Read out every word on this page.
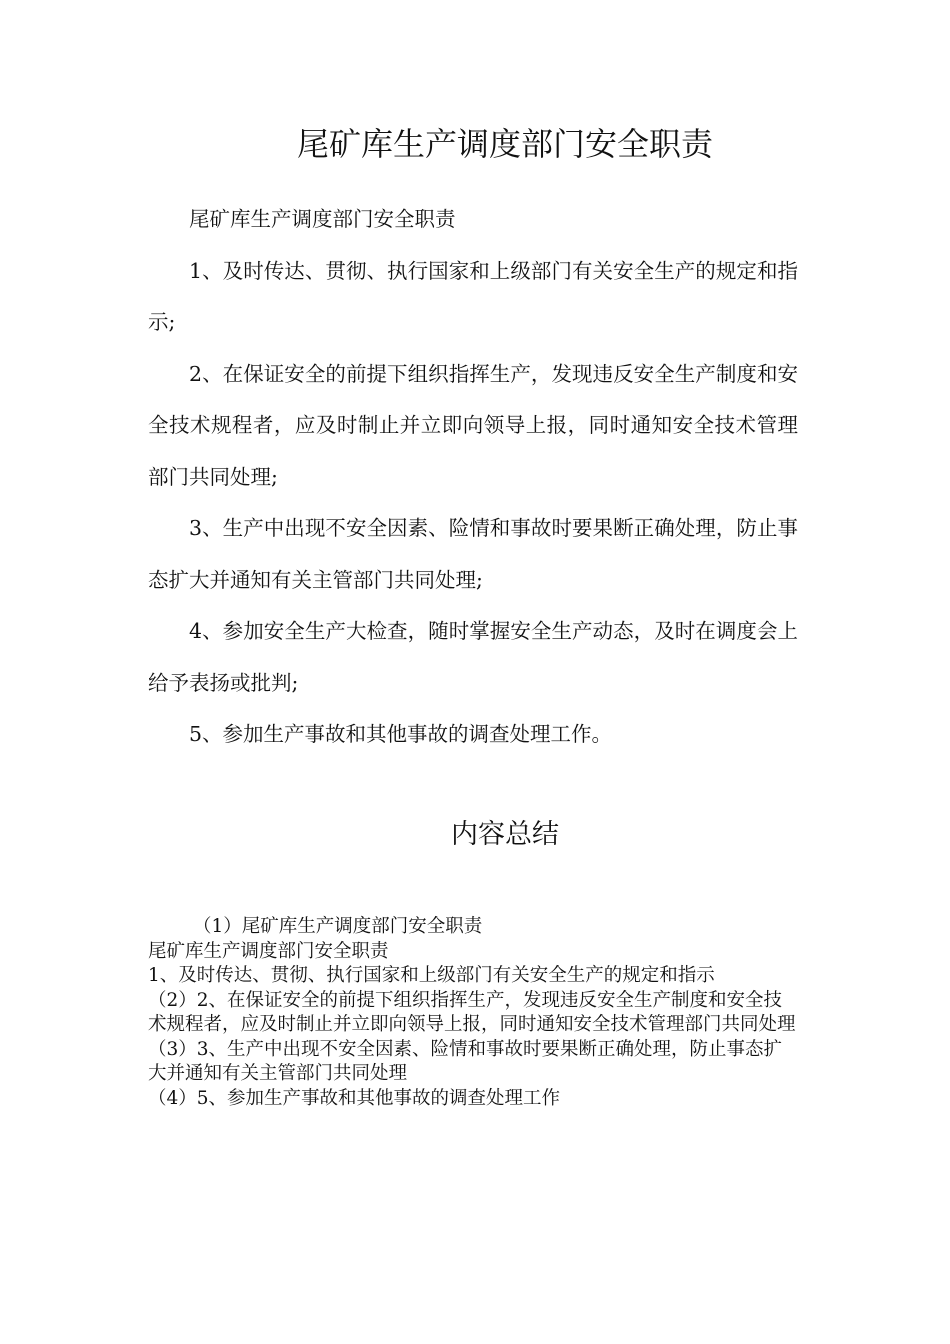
尾矿库生产调度部门安全职责

尾矿库生产调度部门安全职责

1、及时传达、贯彻、执行国家和上级部门有关安全生产的规定和指示;

2、在保证安全的前提下组织指挥生产，发现违反安全生产制度和安全技术规程者，应及时制止并立即向领导上报，同时通知安全技术管理部门共同处理;

3、生产中出现不安全因素、险情和事故时要果断正确处理，防止事态扩大并通知有关主管部门共同处理;

4、参加安全生产大检查，随时掌握安全生产动态，及时在调度会上给予表扬或批判;

5、参加生产事故和其他事故的调查处理工作。

内容总结

（1）尾矿库生产调度部门安全职责

尾矿库生产调度部门安全职责

1、及时传达、贯彻、执行国家和上级部门有关安全生产的规定和指示

（2）2、在保证安全的前提下组织指挥生产，发现违反安全生产制度和安全技术规程者，应及时制止并立即向领导上报，同时通知安全技术管理部门共同处理

（3）3、生产中出现不安全因素、险情和事故时要果断正确处理，防止事态扩大并通知有关主管部门共同处理

（4）5、参加生产事故和其他事故的调查处理工作
